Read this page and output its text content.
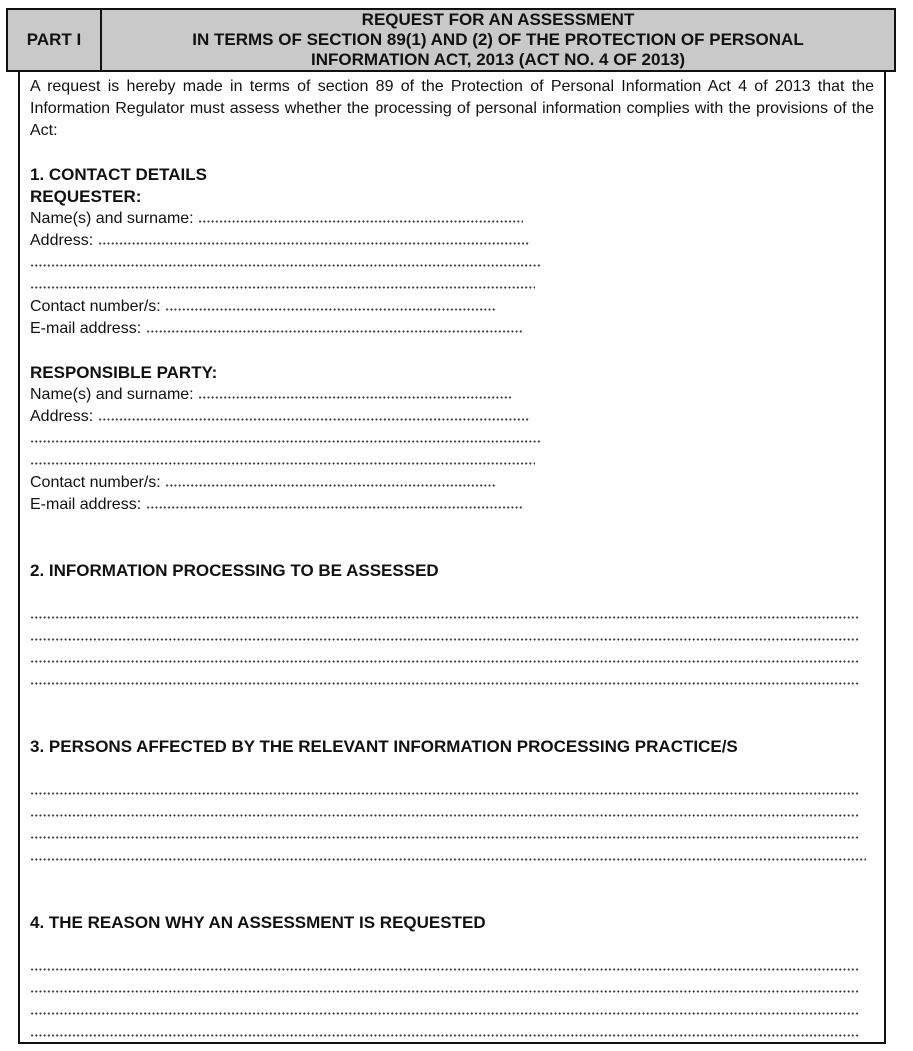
PART I
REQUEST FOR AN ASSESSMENT
IN TERMS OF SECTION 89(1) AND (2) OF THE PROTECTION OF PERSONAL
INFORMATION ACT, 2013 (ACT NO. 4 OF 2013)

A request is hereby made in terms of section 89 of the Protection of Personal Information Act 4 of 2013 that the Information Regulator must assess whether the processing of personal information complies with the provisions of the Act:

1. CONTACT DETAILS

REQUESTER:

Name(s) and surname:
Address:
Contact number/s:
E-mail address:

RESPONSIBLE PARTY:

Name(s) and surname:
Address:
Contact number/s:
E-mail address:

2. INFORMATION PROCESSING TO BE ASSESSED

3. PERSONS AFFECTED BY THE RELEVANT INFORMATION PROCESSING PRACTICE/S

4. THE REASON WHY AN ASSESSMENT IS REQUESTED
